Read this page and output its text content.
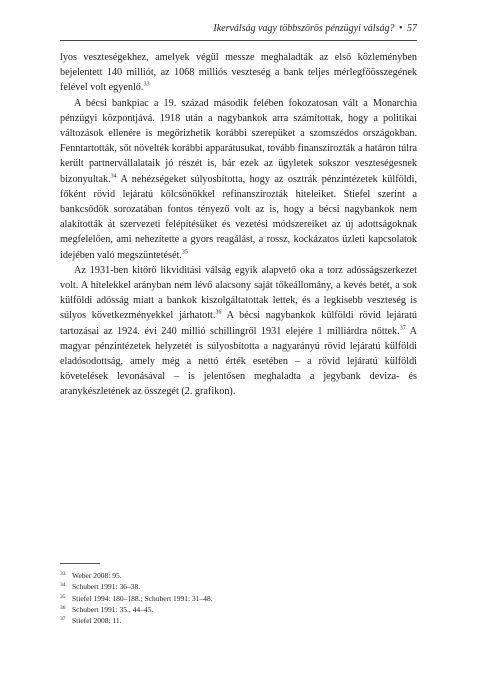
Ikerválság vagy többszörös pénzügyi válság? • 57

lyos veszteségekhez, amelyek végül messze meghaladták az első közleményben bejelentett 140 milliót, az 1068 milliós veszteség a bank teljes mérlegfőösszegének felével volt egyenlő.$^{33}$

A bécsi bankpiac a 19. század második felében fokozatosan vált a Monarchia pénzügyi központjává. 1918 után a nagybankok arra számítottak, hogy a politikai változások ellenére is megőrizhetik korábbi szerepüket a szomszédos országokban. Fenntartották, sőt növelték korábbi apparátusukat, tovább finanszírozták a határon túlra került partnervállalataik jó részét is, bár ezek az ügyletek sokszor veszteségesnek bizonyultak.$^{34}$ A nehézségeket súlyosbította, hogy az osztrák pénzintézetek külföldi, főként rövid lejáratú kölcsönökkel refinanszírozták hiteleiket. Stiefel szerint a bankcsődök sorozatában fontos tényező volt az is, hogy a bécsi nagybankok nem alakították át szervezeti felépítésüket és vezetési módszereiket az új adottságoknak megfelelően, ami nehezítette a gyors reagálást, a rossz, kockázatos üzleti kapcsolatok idejében való megszüntetését.$^{35}$

Az 1931-ben kitörő likviditási válság egyik alapvető oka a torz adósságszerkezet volt. A hitelekkel arányban nem lévő alacsony saját tőkeállomány, a kevés betét, a sok külföldi adósság miatt a bankok kiszolgáltatottak lettek, és a legkisebb veszteség is súlyos következményekkel járhatott.$^{36}$ A bécsi nagybankok külföldi rövid lejáratú tartozásai az 1924. évi 240 millió schillingről 1931 elejére 1 milliárdra nőttek.$^{37}$ A magyar pénzintézetek helyzetét is súlyosbította a nagyarányú rövid lejáratú külföldi eladósodottság, amely még a nettó érték esetében – a rövid lejáratú külföldi követelések levonásával – is jelentősen meghaladta a jegybank deviza- és aranykészletének az összegét (2. grafikon).

33 Weber 2008: 95.
34 Schubert 1991: 36–38.
35 Stiefel 1994: 180–188.; Schubert 1991: 31–48.
36 Schubert 1991: 35., 44–45.
37 Stiefel 2008: 11.
